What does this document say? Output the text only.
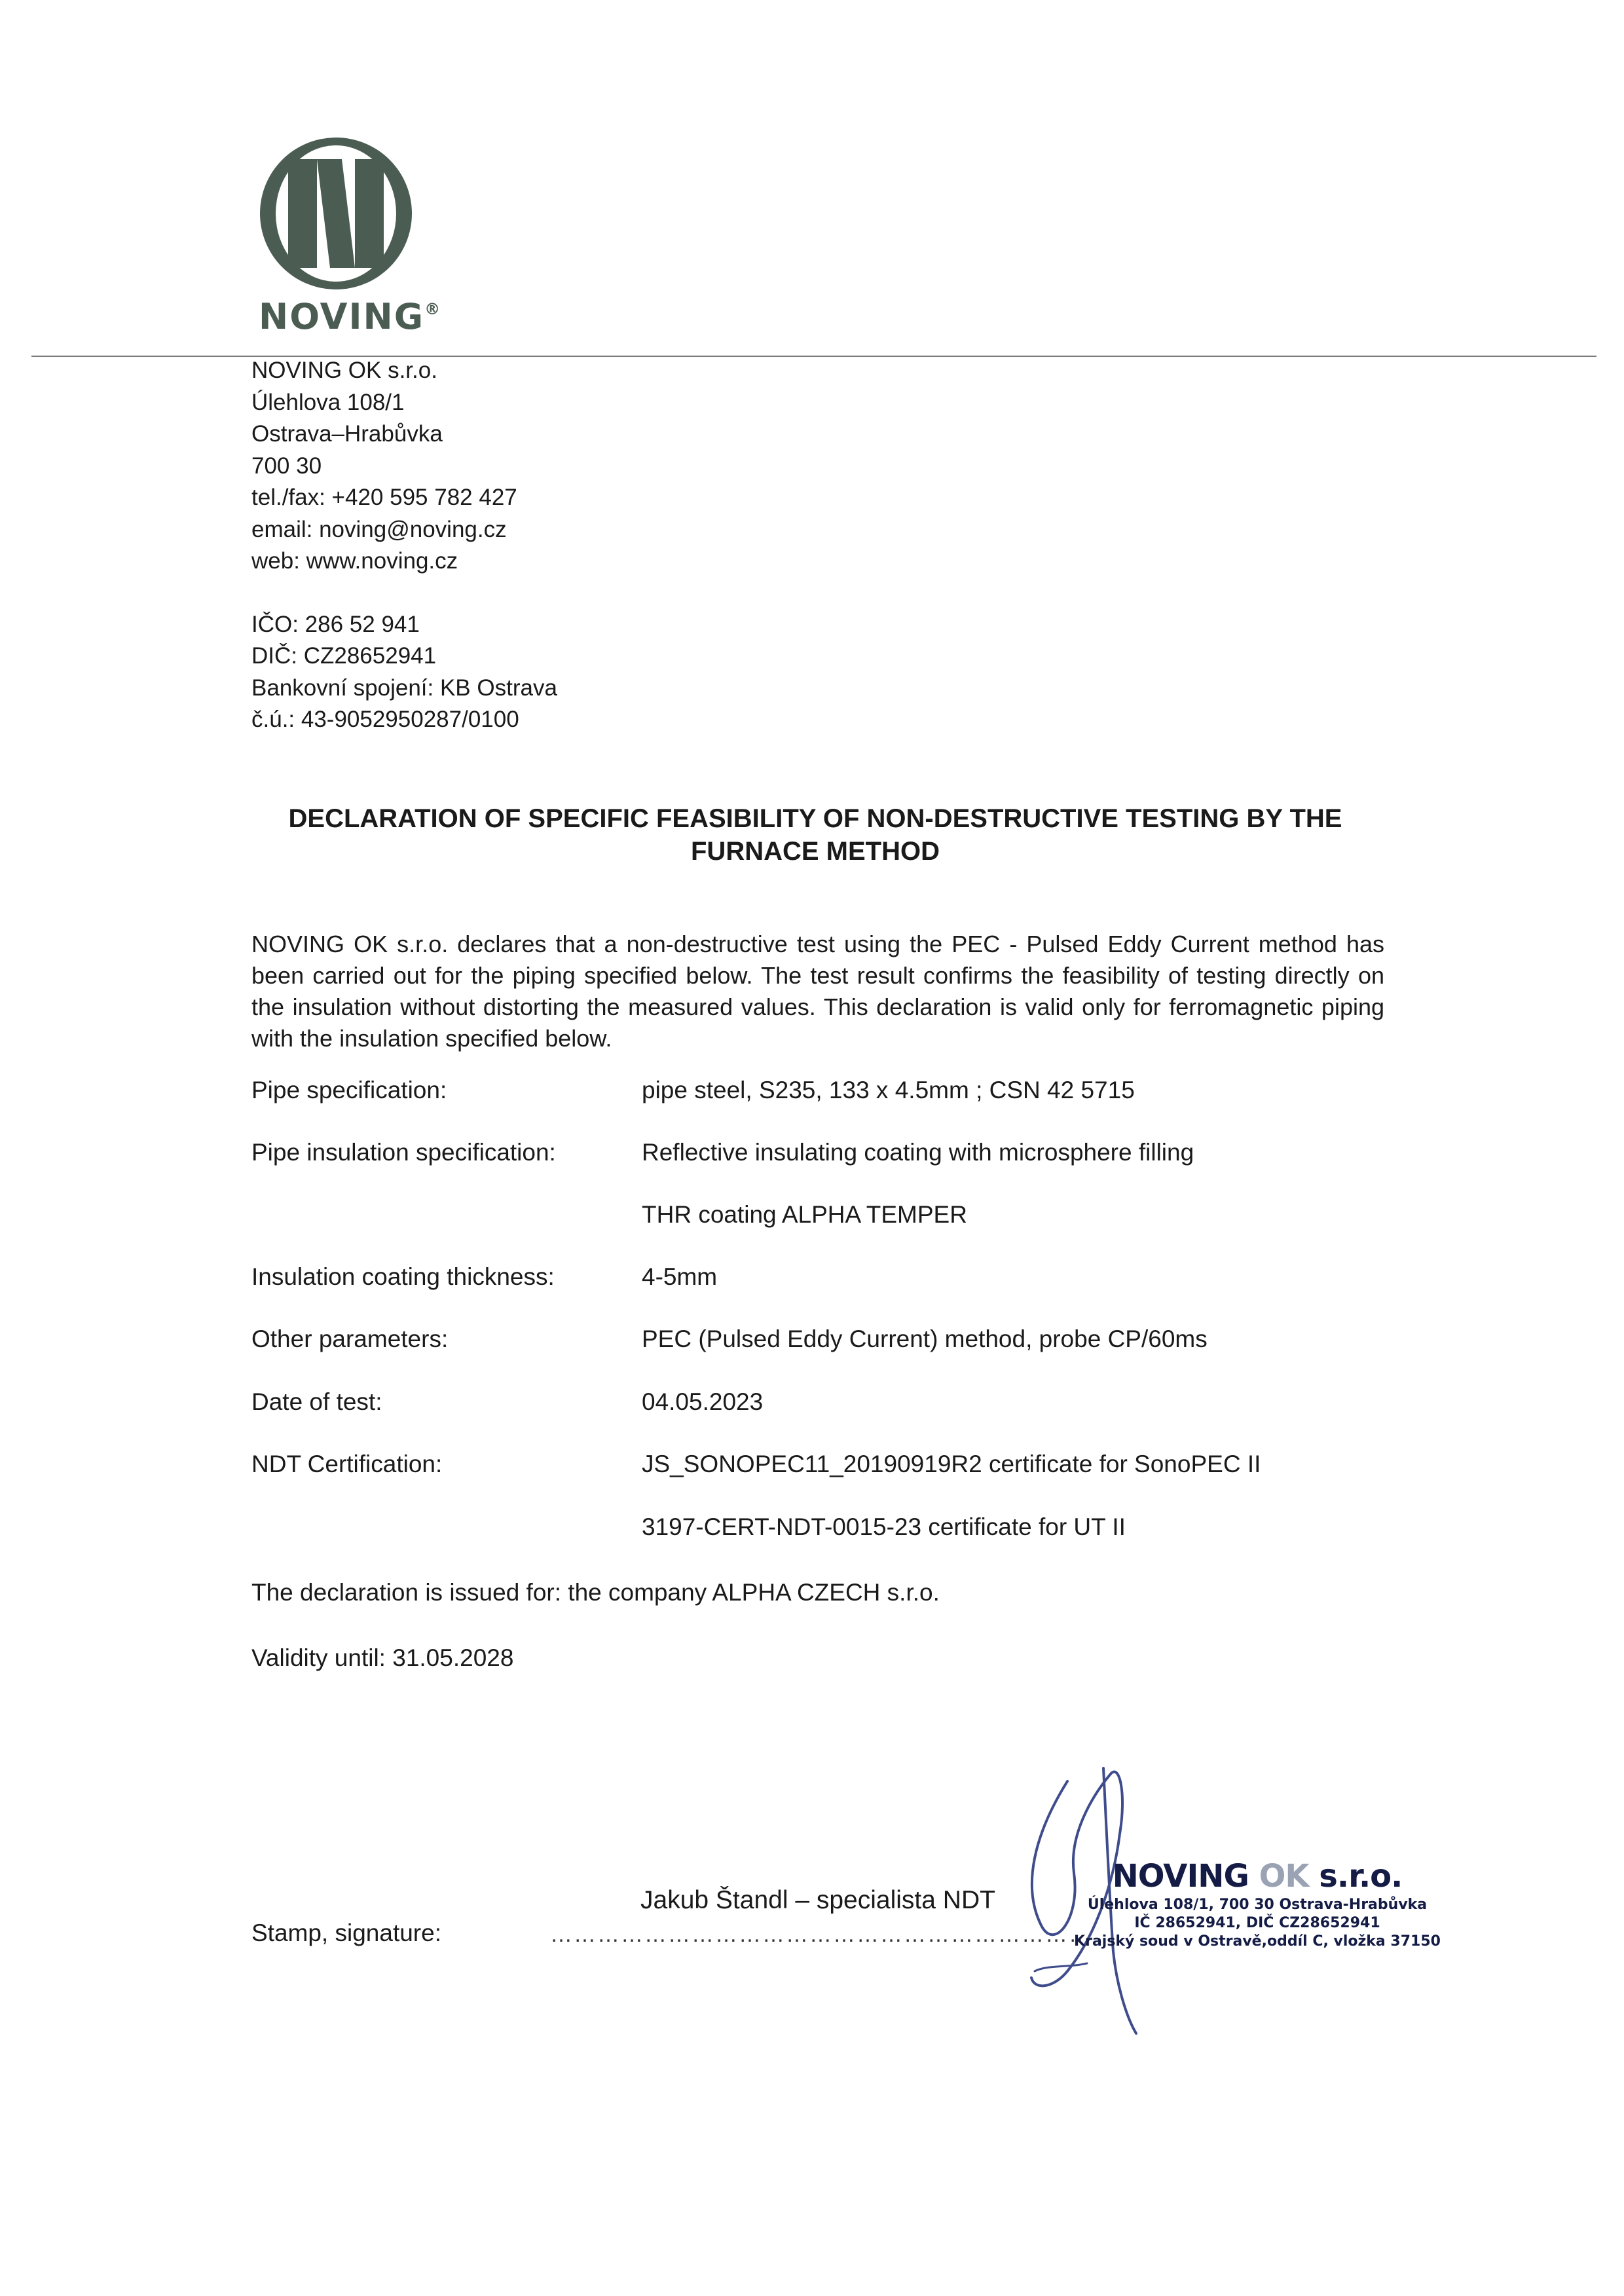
NOVING®
NOVING OK s.r.o.
Úlehlova 108/1
Ostrava–Hrabůvka
700 30
tel./fax: +420 595 782 427
email: noving@noving.cz
web: www.noving.cz
IČO: 286 52 941
DIČ: CZ28652941
Bankovní spojení: KB Ostrava
č.ú.: 43-9052950287/0100
DECLARATION OF SPECIFIC FEASIBILITY OF NON-DESTRUCTIVE TESTING BY THE
FURNACE METHOD
NOVING OK s.r.o. declares that a non-destructive test using the PEC - Pulsed Eddy Current method has been carried out for the piping specified below. The test result confirms the feasibility of testing directly on the insulation without distorting the measured values. This declaration is valid only for ferromagnetic piping with the insulation specified below.
Pipe specification:	pipe steel, S235, 133 x 4.5mm ; CSN 42 5715
Pipe insulation specification:	Reflective insulating coating with microsphere filling
THR coating ALPHA TEMPER
Insulation coating thickness:	4-5mm
Other parameters:	PEC (Pulsed Eddy Current) method, probe CP/60ms
Date of test:	04.05.2023
NDT Certification:	JS_SONOPEC11_20190919R2 certificate for SonoPEC II
3197-CERT-NDT-0015-23 certificate for UT II
The declaration is issued for: the company ALPHA CZECH s.r.o.
Validity until: 31.05.2028
Jakub Štandl – specialista NDT
……………………………………………………………
Stamp, signature:
NOVING OK s.r.o.
Úlehlova 108/1, 700 30 Ostrava-Hrabůvka
IČ 28652941, DIČ CZ28652941
Krajský soud v Ostravě,oddíl C, vložka 37150
